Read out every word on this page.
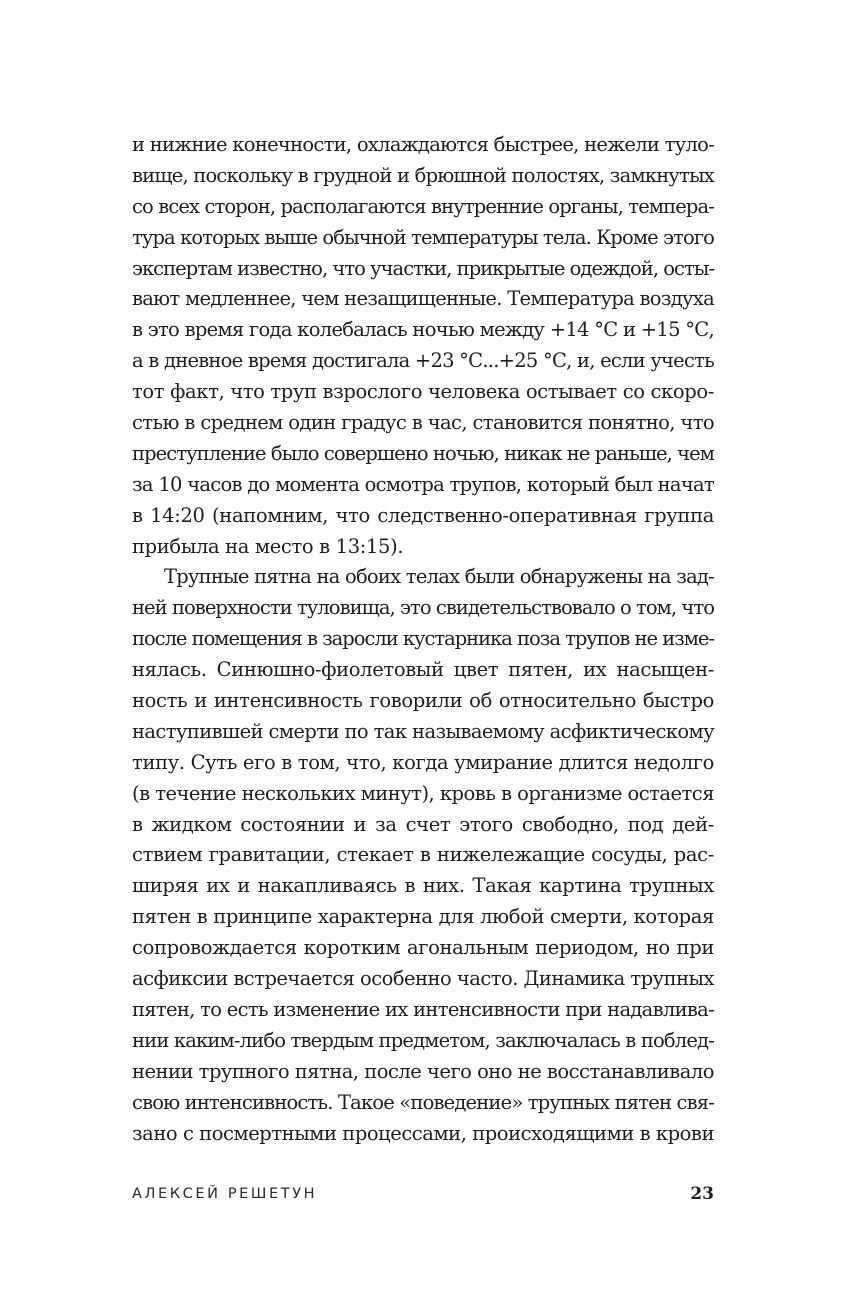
и нижние конечности, охлаждаются быстрее, нежели туло-
вище, поскольку в грудной и брюшной полостях, замкнутых
со всех сторон, располагаются внутренние органы, темпера-
тура которых выше обычной температуры тела. Кроме этого
экспертам известно, что участки, прикрытые одеждой, осты-
вают медленнее, чем незащищенные. Температура воздуха
в это время года колебалась ночью между +14 °С и +15 °С,
а в дневное время достигала +23 °С...+25 °С, и, если учесть
тот факт, что труп взрослого человека остывает со скоро-
стью в среднем один градус в час, становится понятно, что
преступление было совершено ночью, никак не раньше, чем
за 10 часов до момента осмотра трупов, который был начат
в 14:20 (напомним, что следственно-оперативная группа
прибыла на место в 13:15).
Трупные пятна на обоих телах были обнаружены на зад-
ней поверхности туловища, это свидетельствовало о том, что
после помещения в заросли кустарника поза трупов не изме-
нялась. Синюшно-фиолетовый цвет пятен, их насыщен-
ность и интенсивность говорили об относительно быстро
наступившей смерти по так называемому асфиктическому
типу. Суть его в том, что, когда умирание длится недолго
(в течение нескольких минут), кровь в организме остается
в жидком состоянии и за счет этого свободно, под дей-
ствием гравитации, стекает в нижележащие сосуды, рас-
ширяя их и накапливаясь в них. Такая картина трупных
пятен в принципе характерна для любой смерти, которая
сопровождается коротким агональным периодом, но при
асфиксии встречается особенно часто. Динамика трупных
пятен, то есть изменение их интенсивности при надавлива-
нии каким-либо твердым предметом, заключалась в поблед-
нении трупного пятна, после чего оно не восстанавливало
свою интенсивность. Такое «поведение» трупных пятен свя-
зано с посмертными процессами, происходящими в крови
АЛЕКСЕЙ РЕШЕТУН	23
